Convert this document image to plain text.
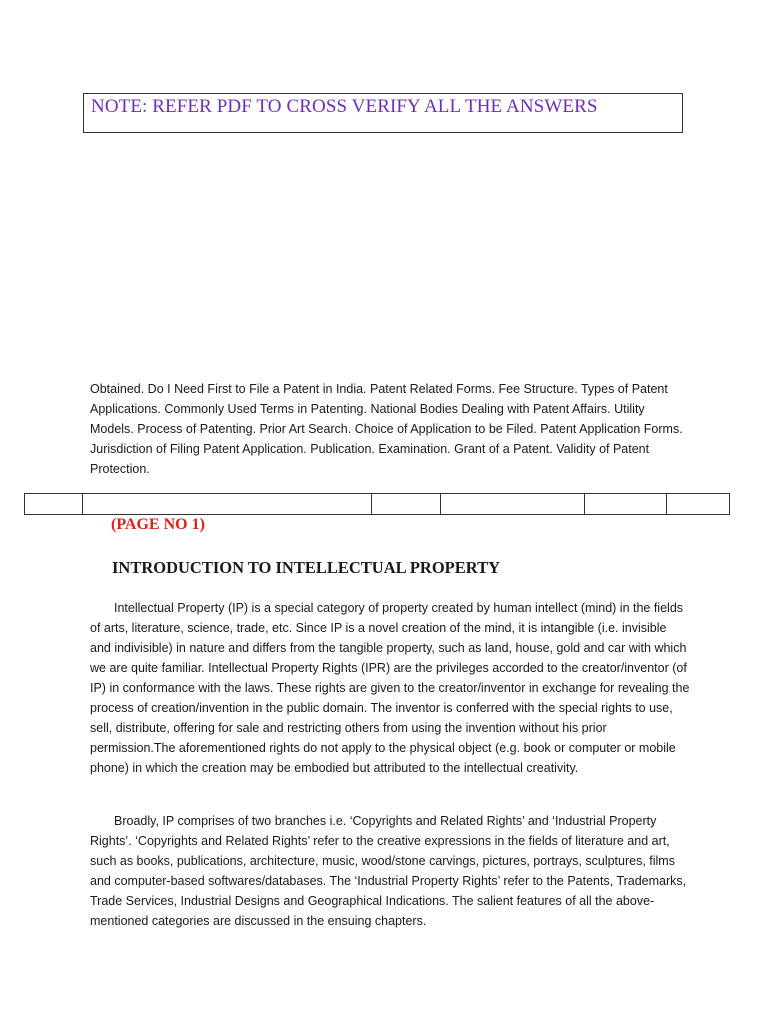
NOTE: REFER PDF TO CROSS VERIFY ALL THE ANSWERS
Obtained. Do I Need First to File a Patent in India. Patent Related Forms. Fee Structure. Types of Patent Applications. Commonly Used Terms in Patenting. National Bodies Dealing with Patent Affairs. Utility Models. Process of Patenting. Prior Art Search. Choice of Application to be Filed. Patent Application Forms. Jurisdiction of Filing Patent Application. Publication. Examination. Grant of a Patent. Validity of Patent Protection.

(PAGE NO 1)
INTRODUCTION TO INTELLECTUAL PROPERTY

Intellectual Property (IP) is a special category of property created by human intellect (mind) in the fields of arts, literature, science, trade, etc. Since IP is a novel creation of the mind, it is intangible (i.e. invisible and indivisible) in nature and differs from the tangible property, such as land, house, gold and car with which we are quite familiar. Intellectual Property Rights (IPR) are the privileges accorded to the creator/inventor (of IP) in conformance with the laws. These rights are given to the creator/inventor in exchange for revealing the process of creation/invention in the public domain. The inventor is conferred with the special rights to use, sell, distribute, offering for sale and restricting others from using the invention without his prior permission.The aforementioned rights do not apply to the physical object (e.g. book or computer or mobile phone) in which the creation may be embodied but attributed to the intellectual creativity.

Broadly, IP comprises of two branches i.e. ‘Copyrights and Related Rights’ and ‘Industrial Property Rights’. ‘Copyrights and Related Rights’ refer to the creative expressions in the fields of literature and art, such as books, publications, architecture, music, wood/stone carvings, pictures, portrays, sculptures, films and computer-based softwares/databases. The ‘Industrial Property Rights’ refer to the Patents, Trademarks, Trade Services, Industrial Designs and Geographical Indications. The salient features of all the above-mentioned categories are discussed in the ensuing chapters.
